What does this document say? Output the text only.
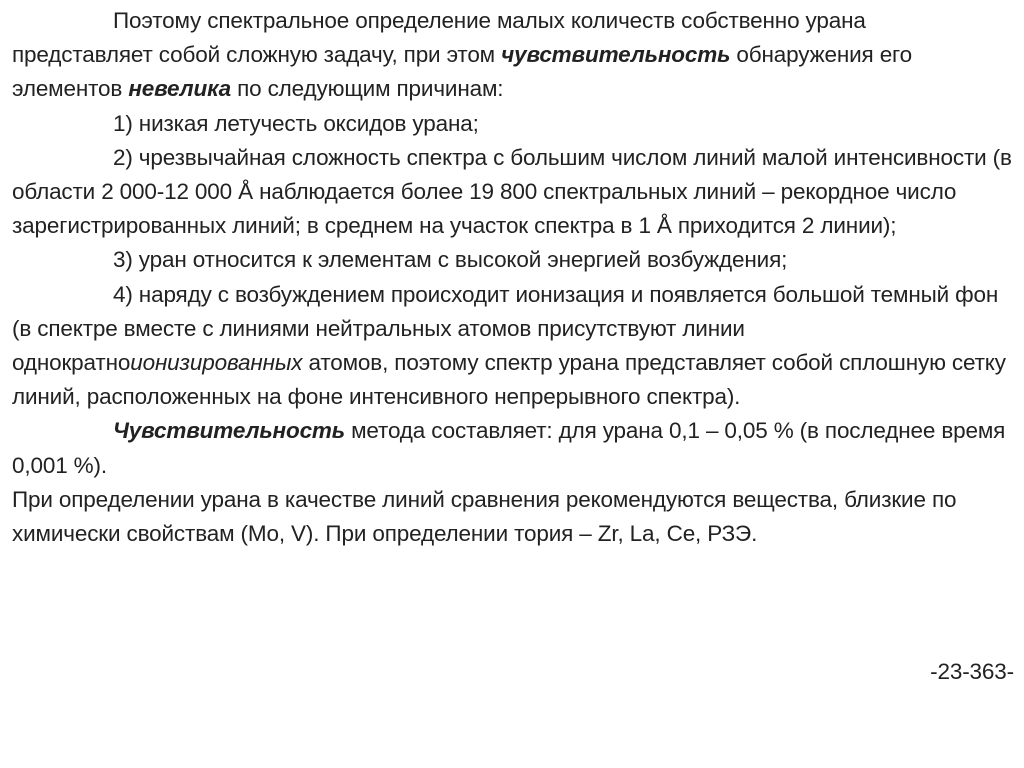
Поэтому спектральное определение малых количеств собственно урана представляет собой сложную задачу, при этом чувствительность обнаружения его элементов невелика по следующим причинам:

1) низкая летучесть оксидов урана;

2) чрезвычайная сложность спектра с большим числом линий малой интенсивности (в области 2 000-12 000 Å наблюдается более 19 800 спектральных линий – рекордное число зарегистрированных линий; в среднем на участок спектра в 1 Å приходится 2 линии);

3) уран относится к элементам с высокой энергией возбуждения;

4) наряду с возбуждением происходит ионизация и появляется большой темный фон (в спектре вместе с линиями нейтральных атомов присутствуют линии однократноионизированных атомов, поэтому спектр урана представляет собой сплошную сетку линий, расположенных на фоне интенсивного непрерывного спектра).

Чувствительность метода составляет: для урана 0,1 – 0,05 % (в последнее время 0,001 %).

При определении урана в качестве линий сравнения рекомендуются вещества, близкие по химически свойствам (Mo, V). При определении тория – Zr, La, Ce, РЗЭ.

-23-363-
